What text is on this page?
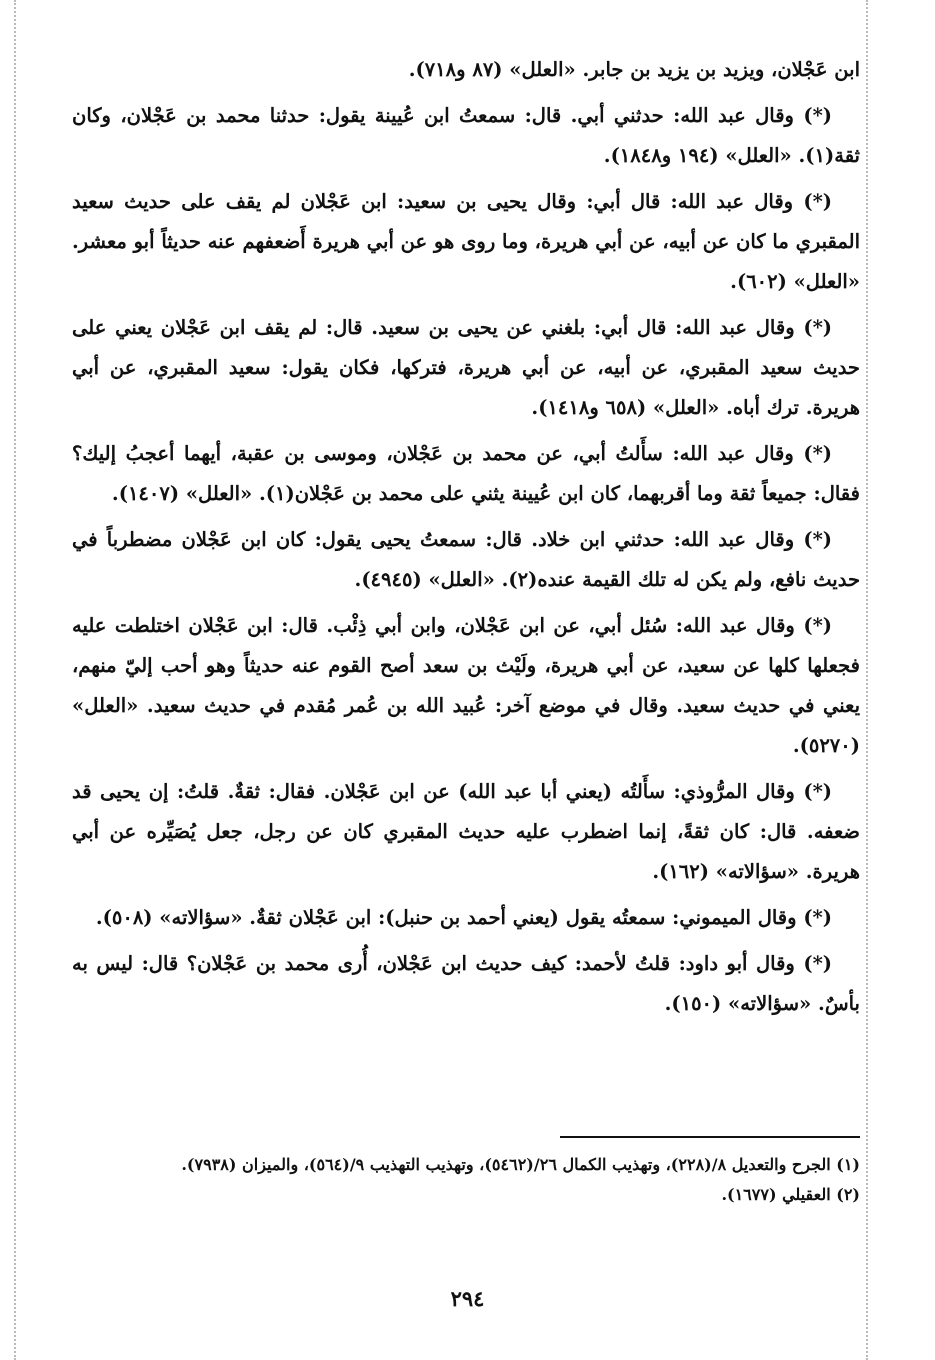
ابن عَجْلان، ويزيد بن يزيد بن جابر. «العلل» (٨٧ و٧١٨).

(*) وقال عبد الله: حدثني أبي. قال: سمعتُ ابن عُيينة يقول: حدثنا محمد بن عَجْلان، وكان ثقة(١). «العلل» (١٩٤ و١٨٤٨).

(*) وقال عبد الله: قال أبي: وقال يحيى بن سعيد: ابن عَجْلان لم يقف على حديث سعيد المقبري ما كان عن أبيه، عن أبي هريرة، وما روى هو عن أبي هريرة أَضعفهم عنه حديثاً أبو معشر. «العلل» (٦٠٢).

(*) وقال عبد الله: قال أبي: بلغني عن يحيى بن سعيد. قال: لم يقف ابن عَجْلان يعني على حديث سعيد المقبري، عن أبيه، عن أبي هريرة، فتركها، فكان يقول: سعيد المقبري، عن أبي هريرة. ترك أباه. «العلل» (٦٥٨ و١٤١٨).

(*) وقال عبد الله: سأَلتُ أبي، عن محمد بن عَجْلان، وموسى بن عقبة، أيهما أعجبُ إليك؟ فقال: جميعاً ثقة وما أقربهما، كان ابن عُيينة يثني على محمد بن عَجْلان(١). «العلل» (١٤٠٧).

(*) وقال عبد الله: حدثني ابن خلاد. قال: سمعتُ يحيى يقول: كان ابن عَجْلان مضطرباً في حديث نافع، ولم يكن له تلك القيمة عنده(٢). «العلل» (٤٩٤٥).

(*) وقال عبد الله: سُئل أبي، عن ابن عَجْلان، وابن أبي ذِئْب. قال: ابن عَجْلان اختلطت عليه فجعلها كلها عن سعيد، عن أبي هريرة، ولَيْث بن سعد أصح القوم عنه حديثاً وهو أحب إليّ منهم، يعني في حديث سعيد. وقال في موضع آخر: عُبيد الله بن عُمر مُقدم في حديث سعيد. «العلل» (٥٢٧٠).

(*) وقال المرُّوذي: سأَلتُه (يعني أبا عبد الله) عن ابن عَجْلان. فقال: ثقةٌ. قلتُ: إن يحيى قد ضعفه. قال: كان ثقةً، إنما اضطرب عليه حديث المقبري كان عن رجل، جعل يُصَيِّره عن أبي هريرة. «سؤالاته» (١٦٢).

(*) وقال الميموني: سمعتُه يقول (يعني أحمد بن حنبل): ابن عَجْلان ثقةٌ. «سؤالاته» (٥٠٨).

(*) وقال أبو داود: قلتُ لأحمد: كيف حديث ابن عَجْلان، أُرى محمد بن عَجْلان؟ قال: ليس به بأسٌ. «سؤالاته» (١٥٠).

(١) الجرح والتعديل ٨/(٢٢٨)، وتهذيب الكمال ٢٦/(٥٤٦٢)، وتهذيب التهذيب ٩/(٥٦٤)، والميزان (٧٩٣٨).

(٢) العقيلي (١٦٧٧).

٢٩٤
